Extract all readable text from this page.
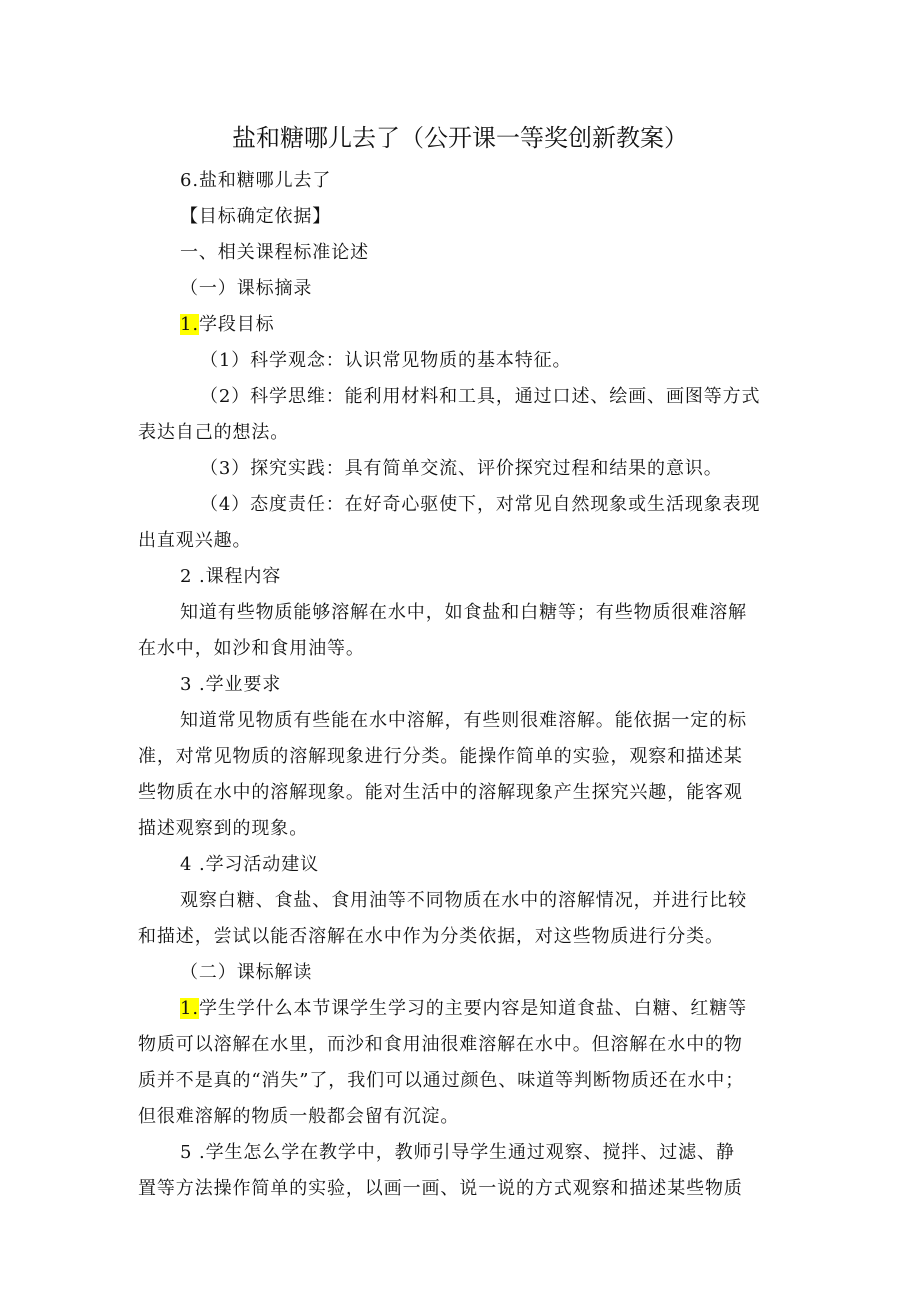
盐和糖哪儿去了（公开课一等奖创新教案）
6.盐和糖哪儿去了
【目标确定依据】
一、相关课程标准论述
（一）课标摘录
1.学段目标
（1）科学观念：认识常见物质的基本特征。
（2）科学思维：能利用材料和工具，通过口述、绘画、画图等方式
表达自己的想法。
（3）探究实践：具有简单交流、评价探究过程和结果的意识。
（4）态度责任：在好奇心驱使下，对常见自然现象或生活现象表现
出直观兴趣。
2 .课程内容
知道有些物质能够溶解在水中，如食盐和白糖等；有些物质很难溶解
在水中，如沙和食用油等。
3 .学业要求
知道常见物质有些能在水中溶解，有些则很难溶解。能依据一定的标
准，对常见物质的溶解现象进行分类。能操作简单的实验，观察和描述某
些物质在水中的溶解现象。能对生活中的溶解现象产生探究兴趣，能客观
描述观察到的现象。
4 .学习活动建议
观察白糖、食盐、食用油等不同物质在水中的溶解情况，并进行比较
和描述，尝试以能否溶解在水中作为分类依据，对这些物质进行分类。
（二）课标解读
1.学生学什么本节课学生学习的主要内容是知道食盐、白糖、红糖等
物质可以溶解在水里，而沙和食用油很难溶解在水中。但溶解在水中的物
质并不是真的“消失”了，我们可以通过颜色、味道等判断物质还在水中；
但很难溶解的物质一般都会留有沉淀。
5 .学生怎么学在教学中，教师引导学生通过观察、搅拌、过滤、静
置等方法操作简单的实验，以画一画、说一说的方式观察和描述某些物质
